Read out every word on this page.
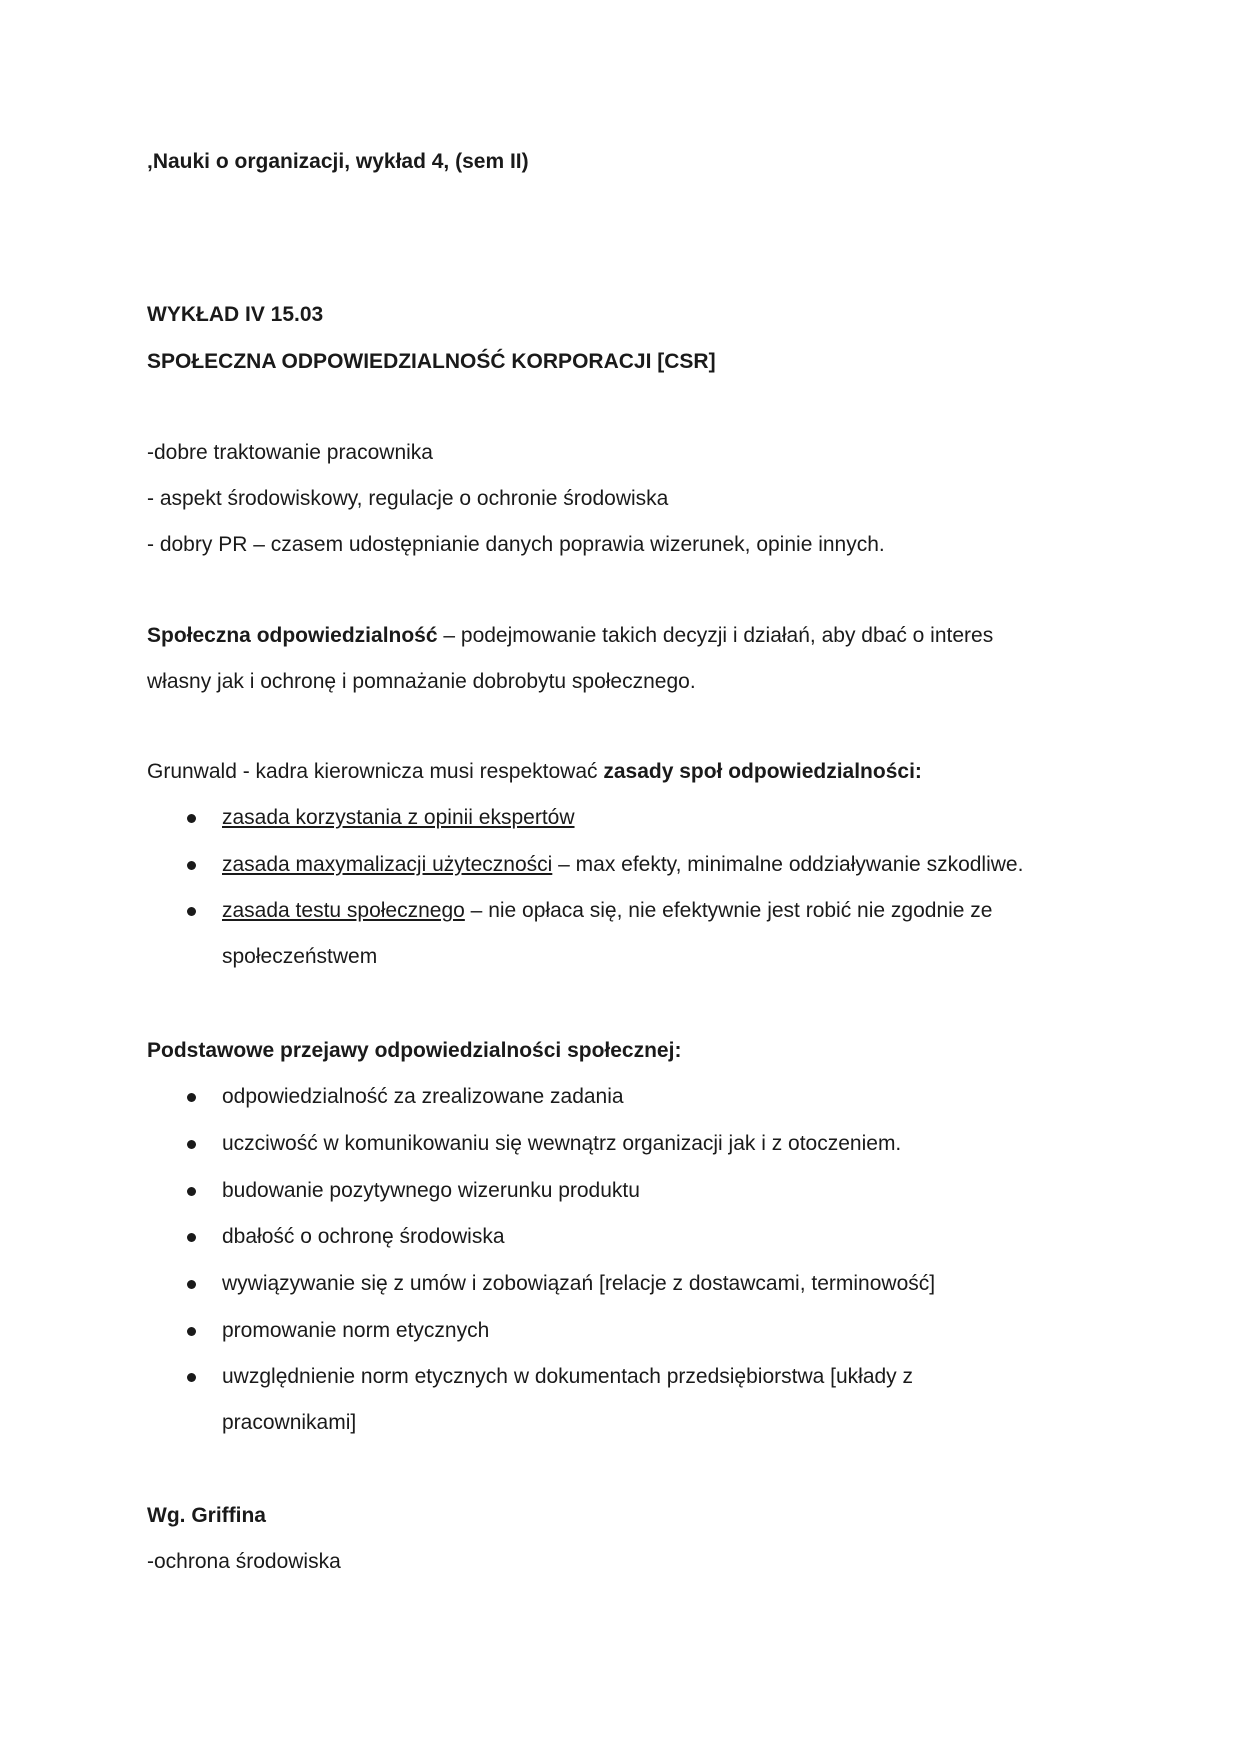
‚Nauki o organizacji, wykład 4, (sem II)
WYKŁAD IV 15.03
SPOŁECZNA ODPOWIEDZIALNOŚĆ KORPORACJI [CSR]
-dobre traktowanie pracownika
- aspekt środowiskowy, regulacje o ochronie środowiska
- dobry PR – czasem udostępnianie danych poprawia wizerunek, opinie innych.
Społeczna odpowiedzialność – podejmowanie takich decyzji i działań, aby dbać o interes
własny jak i ochronę i pomnażanie dobrobytu społecznego.
Grunwald - kadra kierownicza musi respektować zasady społ odpowiedzialności:
zasada korzystania z opinii ekspertów
zasada maxymalizacji użyteczności – max efekty, minimalne oddziaływanie szkodliwe.
zasada testu społecznego – nie opłaca się, nie efektywnie jest robić nie zgodnie ze
społeczeństwem
Podstawowe przejawy odpowiedzialności społecznej:
odpowiedzialność za zrealizowane zadania
uczciwość w komunikowaniu się wewnątrz organizacji jak i z otoczeniem.
budowanie pozytywnego wizerunku produktu
dbałość o ochronę środowiska
wywiązywanie się z umów i zobowiązań [relacje z dostawcami, terminowość]
promowanie norm etycznych
uwzględnienie norm etycznych w dokumentach przedsiębiorstwa [układy z
pracownikami]
Wg. Griffina
-ochrona środowiska
